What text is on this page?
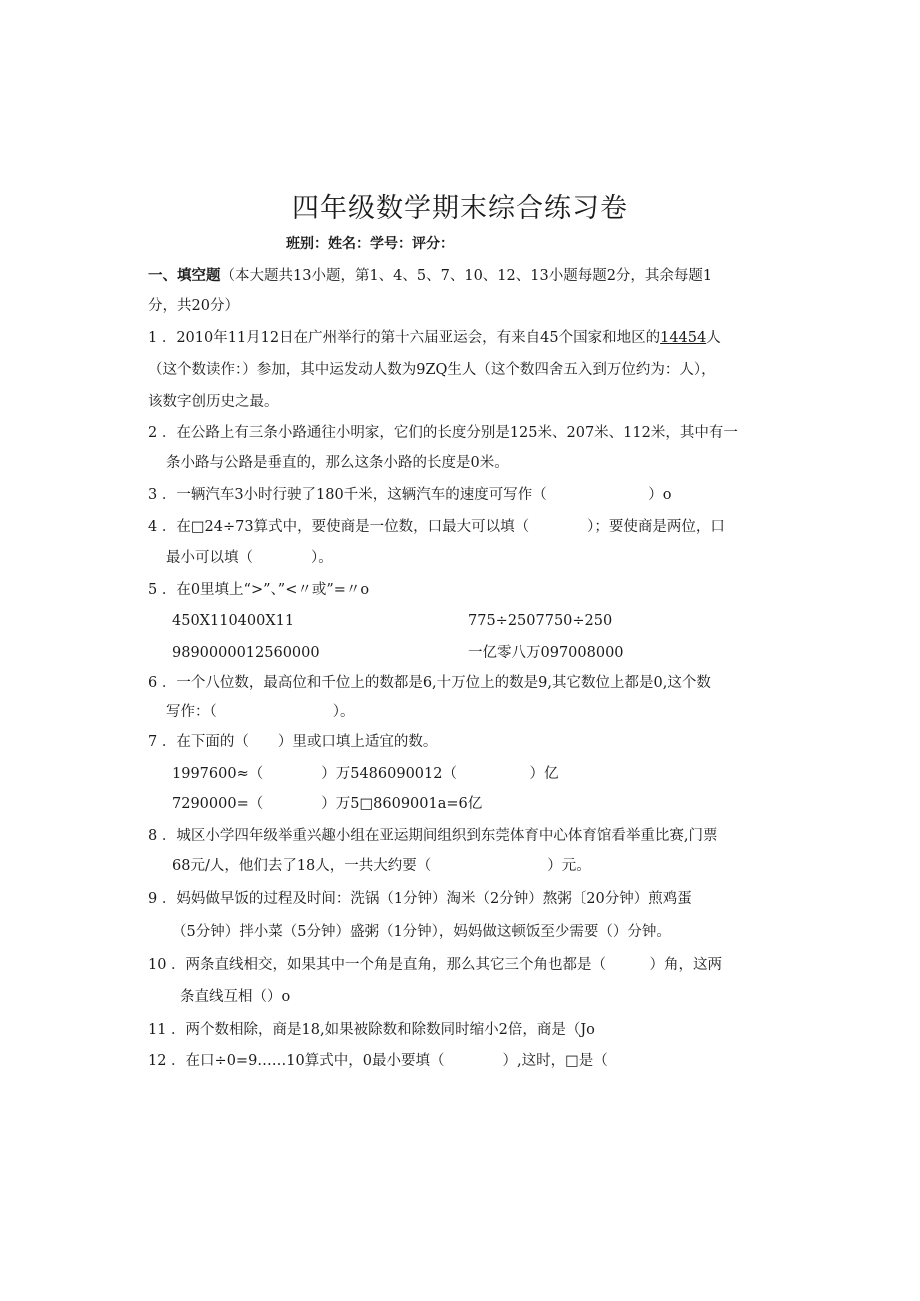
四年级数学期末综合练习卷
班别：姓名：学号：评分：
一、填空题（本大题共13小题，第1、4、5、7、10、12、13小题每题2分，其余每题1
分，共20分）
1 ．2010年11月12日在广州举行的第十六届亚运会，有来自45个国家和地区的14454人
（这个数读作：）参加，其中运发动人数为9ZQ生人（这个数四舍五入到万位约为：人），
该数字创历史之最。
2 ．在公路上有三条小路通往小明家，它们的长度分别是125米、207米、112米，其中有一
条小路与公路是垂直的，那么这条小路的长度是0米。
3 ．一辆汽车3小时行驶了180千米，这辆汽车的速度可写作（　　　　　　　）o
4 ．在□24÷73算式中，要使商是一位数，口最大可以填（　　　　）；要使商是两位，口
最小可以填（　　　　）。
5 ．在0里填上“>”、”<〃或”=〃o
450X110400X11	775÷2507750÷250
9890000012560000	一亿零八万097008000
6 ．一个八位数，最高位和千位上的数都是6,十万位上的数是9,其它数位上都是0,这个数
写作：（　　　　　　　　）。
7 ．在下面的（　　）里或口填上适宜的数。
1997600≈（　　　　）万5486090012（　　　　　）亿
7290000=（　　　　）万5□8609001a=6亿
8 ．城区小学四年级举重兴趣小组在亚运期间组织到东莞体育中心体育馆看举重比赛,门票
68元/人，他们去了18人，一共大约要（　　　　　　　　）元。
9 ．妈妈做早饭的过程及时间：洗锅（1分钟）淘米（2分钟）熬粥〔20分钟）煎鸡蛋
（5分钟）拌小菜（5分钟）盛粥（1分钟），妈妈做这顿饭至少需要（）分钟。
10 ．两条直线相交，如果其中一个角是直角，那么其它三个角也都是（　　　）角，这两
条直线互相（）o
11 ．两个数相除，商是18,如果被除数和除数同时缩小2倍，商是（Jo
12 ．在口÷0=9……10算式中，0最小要填（　　　　）,这时，□是（
